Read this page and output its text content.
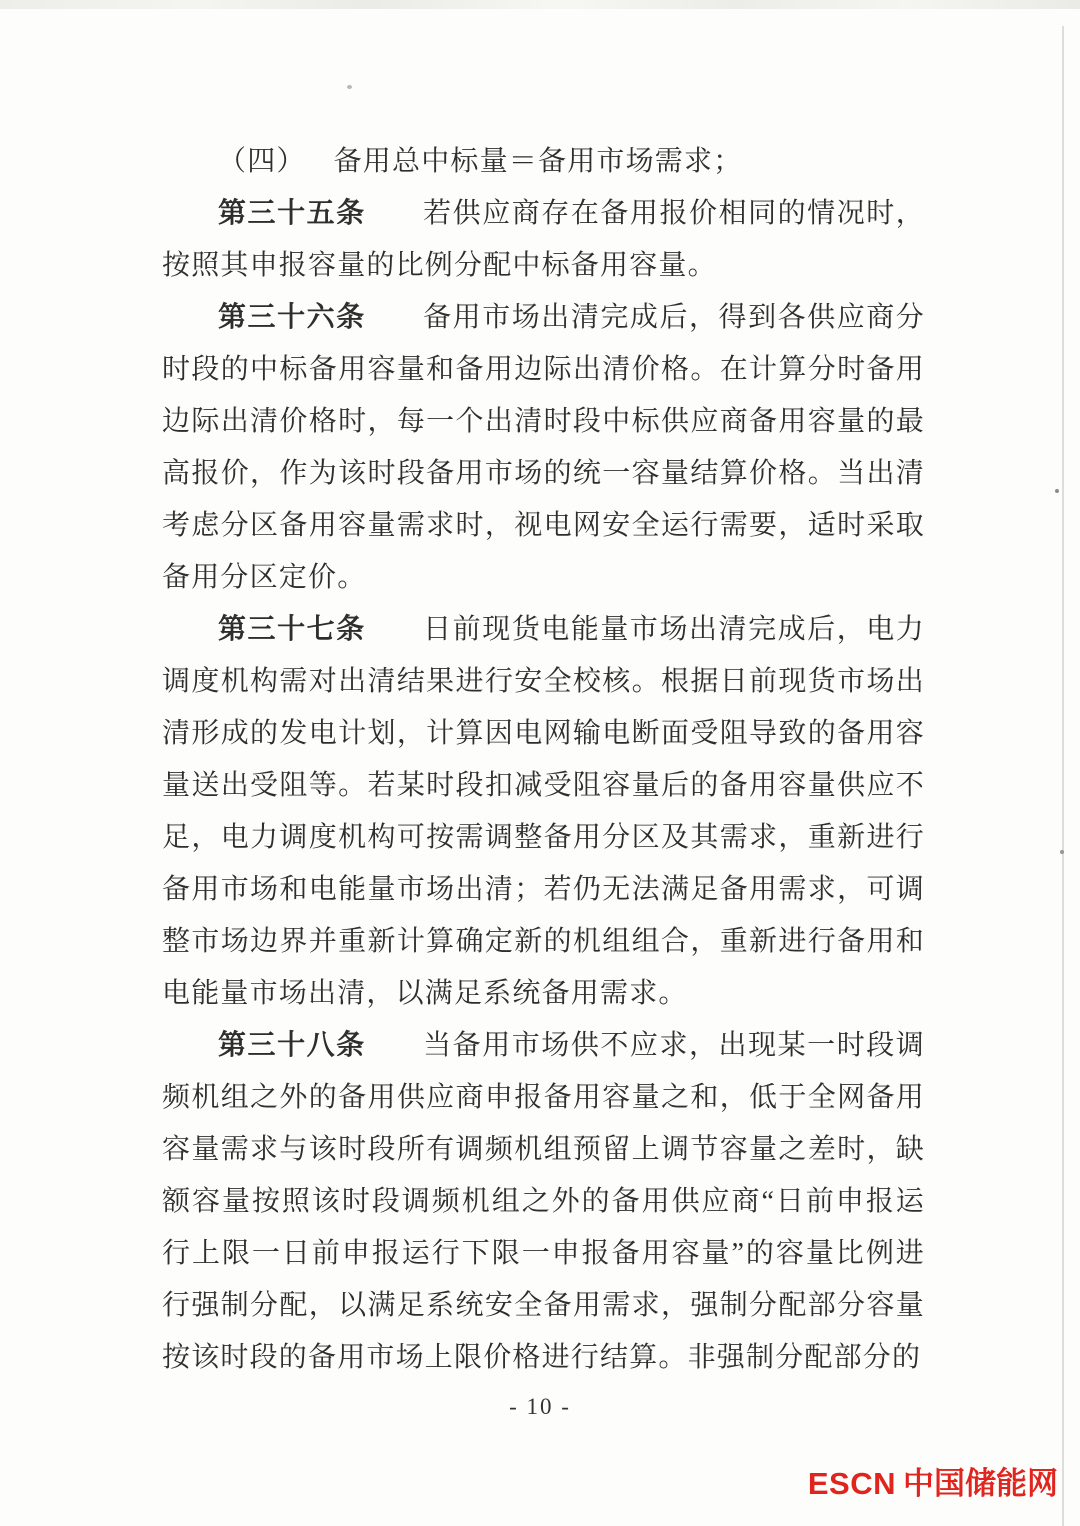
（四） 备用总中标量＝备用市场需求；

第三十五条 若供应商存在备用报价相同的情况时，按照其申报容量的比例分配中标备用容量。

第三十六条 备用市场出清完成后，得到各供应商分时段的中标备用容量和备用边际出清价格。在计算分时备用边际出清价格时，每一个出清时段中标供应商备用容量的最高报价，作为该时段备用市场的统一容量结算价格。当出清考虑分区备用容量需求时，视电网安全运行需要，适时采取备用分区定价。

第三十七条 日前现货电能量市场出清完成后，电力调度机构需对出清结果进行安全校核。根据日前现货市场出清形成的发电计划，计算因电网输电断面受阻导致的备用容量送出受阻等。若某时段扣减受阻容量后的备用容量供应不足，电力调度机构可按需调整备用分区及其需求，重新进行备用市场和电能量市场出清；若仍无法满足备用需求，可调整市场边界并重新计算确定新的机组组合，重新进行备用和电能量市场出清，以满足系统备用需求。

第三十八条 当备用市场供不应求，出现某一时段调频机组之外的备用供应商申报备用容量之和，低于全网备用容量需求与该时段所有调频机组预留上调节容量之差时，缺额容量按照该时段调频机组之外的备用供应商“日前申报运行上限一日前申报运行下限一申报备用容量”的容量比例进行强制分配，以满足系统安全备用需求，强制分配部分容量按该时段的备用市场上限价格进行结算。非强制分配部分的

- 10 -
ESCN 中国储能网
